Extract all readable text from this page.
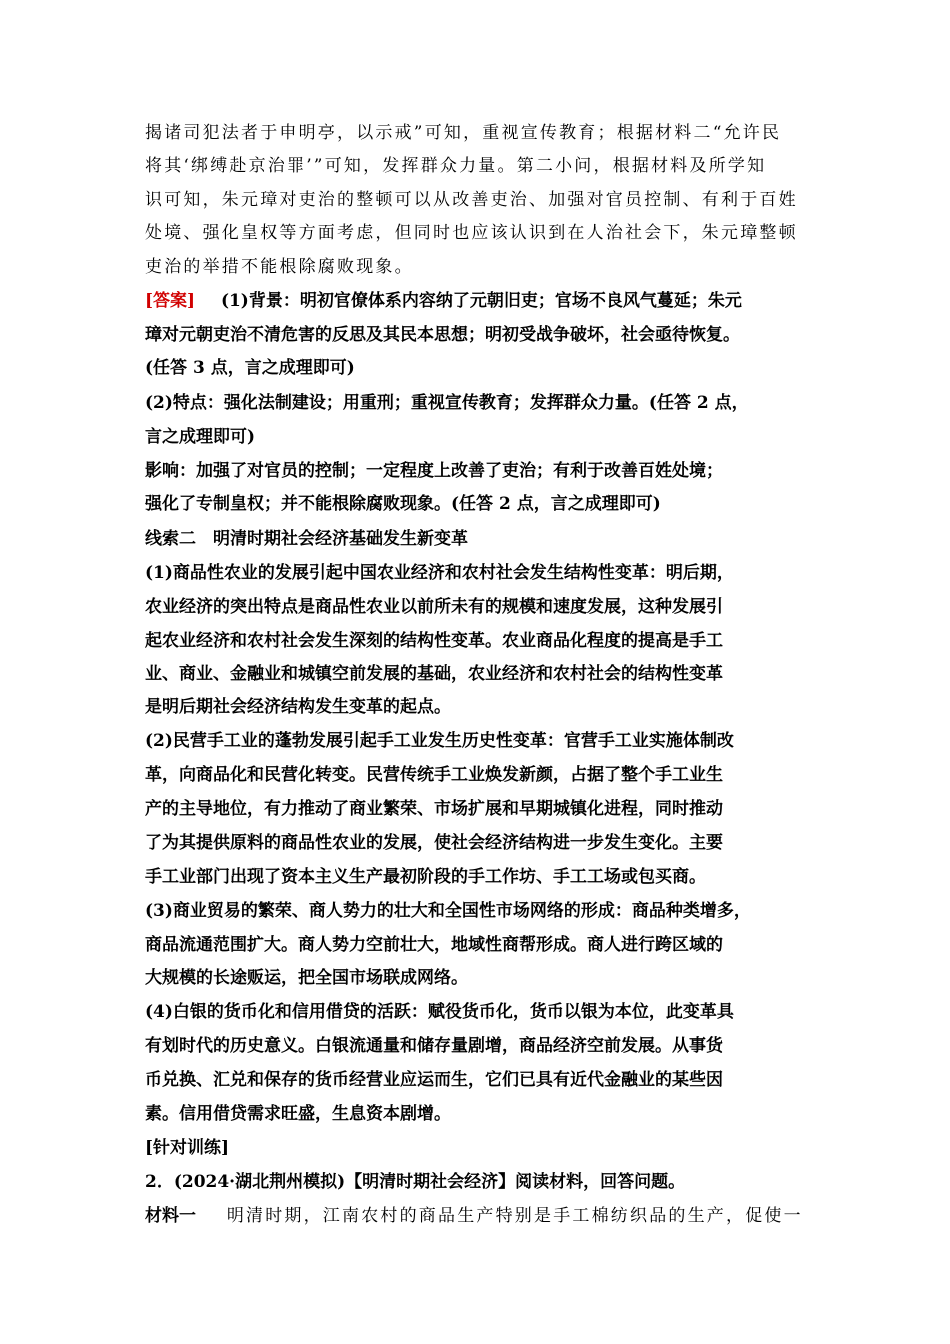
揭诸司犯法者于申明亭，以示戒”可知，重视宣传教育；根据材料二“允许民
将其‘绑缚赴京治罪’”可知，发挥群众力量。第二小问，根据材料及所学知
识可知，朱元璋对吏治的整顿可以从改善吏治、加强对官员控制、有利于百姓
处境、强化皇权等方面考虑，但同时也应该认识到在人治社会下，朱元璋整顿
吏治的举措不能根除腐败现象。
[答案] (1)背景：明初官僚体系内容纳了元朝旧吏；官场不良风气蔓延；朱元
璋对元朝吏治不清危害的反思及其民本思想；明初受战争破坏，社会亟待恢复。
(任答 3 点，言之成理即可)
(2)特点：强化法制建设；用重刑；重视宣传教育；发挥群众力量。(任答 2 点，
言之成理即可)
影响：加强了对官员的控制；一定程度上改善了吏治；有利于改善百姓处境；
强化了专制皇权；并不能根除腐败现象。(任答 2 点，言之成理即可)
线索二　明清时期社会经济基础发生新变革
(1)商品性农业的发展引起中国农业经济和农村社会发生结构性变革：明后期，
农业经济的突出特点是商品性农业以前所未有的规模和速度发展，这种发展引
起农业经济和农村社会发生深刻的结构性变革。农业商品化程度的提高是手工
业、商业、金融业和城镇空前发展的基础，农业经济和农村社会的结构性变革
是明后期社会经济结构发生变革的起点。
(2)民营手工业的蓬勃发展引起手工业发生历史性变革：官营手工业实施体制改
革，向商品化和民营化转变。民营传统手工业焕发新颜，占据了整个手工业生
产的主导地位，有力推动了商业繁荣、市场扩展和早期城镇化进程，同时推动
了为其提供原料的商品性农业的发展，使社会经济结构进一步发生变化。主要
手工业部门出现了资本主义生产最初阶段的手工作坊、手工工场或包买商。
(3)商业贸易的繁荣、商人势力的壮大和全国性市场网络的形成：商品种类增多，
商品流通范围扩大。商人势力空前壮大，地域性商帮形成。商人进行跨区域的
大规模的长途贩运，把全国市场联成网络。
(4)白银的货币化和信用借贷的活跃：赋役货币化，货币以银为本位，此变革具
有划时代的历史意义。白银流通量和储存量剧增，商品经济空前发展。从事货
币兑换、汇兑和保存的货币经营业应运而生，它们已具有近代金融业的某些因
素。信用借贷需求旺盛，生息资本剧增。
[针对训练]
2．(2024·湖北荆州模拟)【明清时期社会经济】阅读材料，回答问题。
材料一 明清时期，江南农村的商品生产特别是手工棉纺织品的生产，促使一
